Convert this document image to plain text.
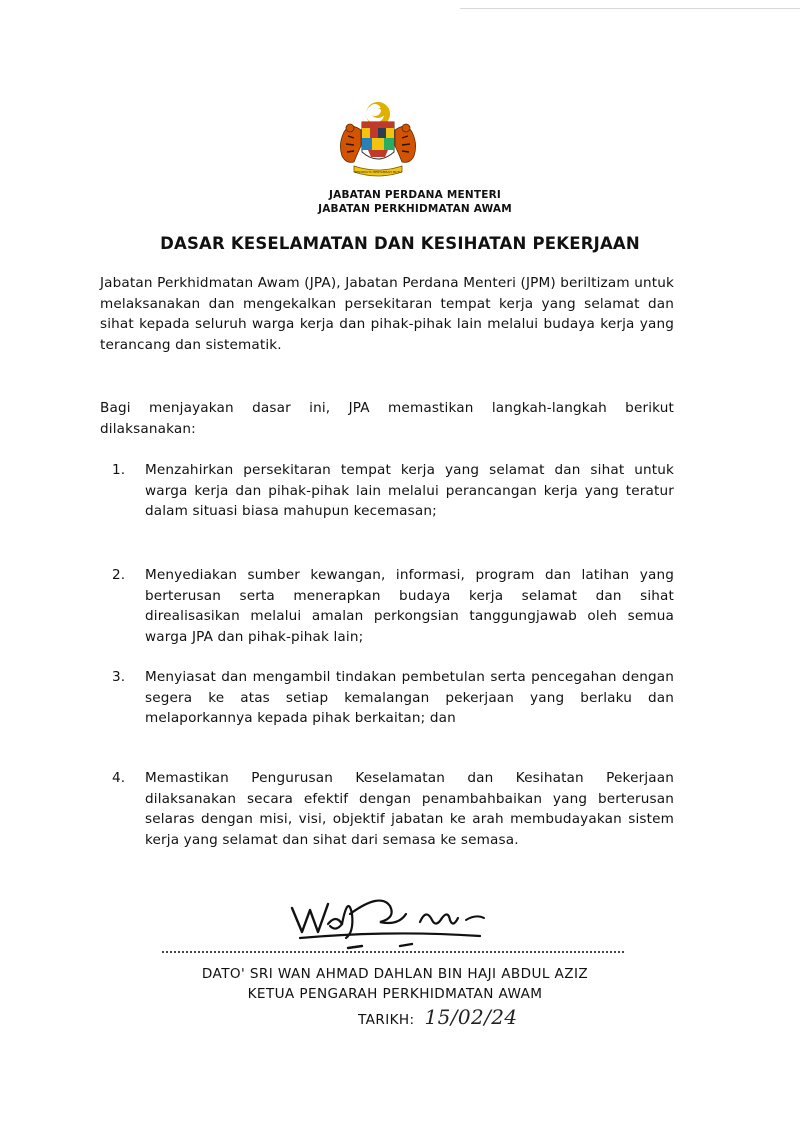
BERSEKUTU BERTAMBAH MUTU
JABATAN PERDANA MENTERI
JABATAN PERKHIDMATAN AWAM
DASAR KESELAMATAN DAN KESIHATAN PEKERJAAN

Jabatan Perkhidmatan Awam (JPA), Jabatan Perdana Menteri (JPM) beriltizam untuk melaksanakan dan mengekalkan persekitaran tempat kerja yang selamat dan sihat kepada seluruh warga kerja dan pihak-pihak lain melalui budaya kerja yang terancang dan sistematik.

Bagi menjayakan dasar ini, JPA memastikan langkah-langkah berikut dilaksanakan:

1. Menzahirkan persekitaran tempat kerja yang selamat dan sihat untuk warga kerja dan pihak-pihak lain melalui perancangan kerja yang teratur dalam situasi biasa mahupun kecemasan;
2. Menyediakan sumber kewangan, informasi, program dan latihan yang berterusan serta menerapkan budaya kerja selamat dan sihat direalisasikan melalui amalan perkongsian tanggungjawab oleh semua warga JPA dan pihak-pihak lain;
3. Menyiasat dan mengambil tindakan pembetulan serta pencegahan dengan segera ke atas setiap kemalangan pekerjaan yang berlaku dan melaporkannya kepada pihak berkaitan; dan
4. Memastikan Pengurusan Keselamatan dan Kesihatan Pekerjaan dilaksanakan secara efektif dengan penambahbaikan yang berterusan selaras dengan misi, visi, objektif jabatan ke arah membudayakan sistem kerja yang selamat dan sihat dari semasa ke semasa.

DATO' SRI WAN AHMAD DAHLAN BIN HAJI ABDUL AZIZ

KETUA PENGARAH PERKHIDMATAN AWAM

TARIKH: 15/02/24
